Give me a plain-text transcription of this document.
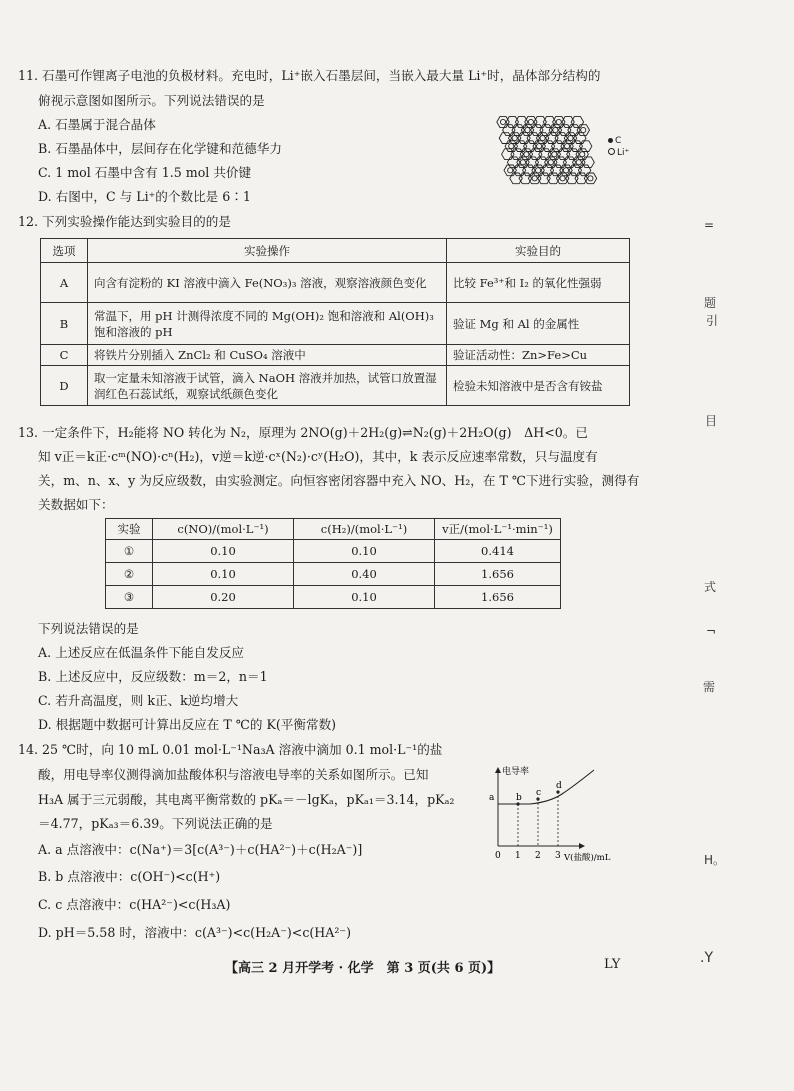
11. 石墨可作锂离子电池的负极材料。充电时，Li⁺嵌入石墨层间，当嵌入最大量 Li⁺时，晶体部分结构的
俯视示意图如图所示。下列说法错误的是
A. 石墨属于混合晶体
B. 石墨晶体中，层间存在化学键和范德华力
C. 1 mol 石墨中含有 1.5 mol 共价键
D. 右图中，C 与 Li⁺的个数比是 6∶1
C
Li⁺
12. 下列实验操作能达到实验目的的是
选项	实验操作	实验目的
A	向含有淀粉的 KI 溶液中滴入 Fe(NO₃)₃ 溶液，观察溶液颜色变化	比较 Fe³⁺和 I₂ 的氧化性强弱
B	常温下，用 pH 计测得浓度不同的 Mg(OH)₂ 饱和溶液和 Al(OH)₃
饱和溶液的 pH	验证 Mg 和 Al 的金属性
C	将铁片分别插入 ZnCl₂ 和 CuSO₄ 溶液中	验证活动性：Zn>Fe>Cu
D	取一定量未知溶液于试管，滴入 NaOH 溶液并加热，试管口放置湿
润红色石蕊试纸，观察试纸颜色变化	检验未知溶液中是否含有铵盐
13. 一定条件下，H₂能将 NO 转化为 N₂，原理为 2NO(g)＋2H₂(g)⇌N₂(g)＋2H₂O(g)　ΔH<0。已
知 v正＝k正·cᵐ(NO)·cⁿ(H₂)，v逆＝k逆·cˣ(N₂)·cʸ(H₂O)，其中，k 表示反应速率常数，只与温度有
关，m、n、x、y 为反应级数，由实验测定。向恒容密闭容器中充入 NO、H₂，在 T ℃下进行实验，测得有
关数据如下：
实验	c(NO)/(mol·L⁻¹)	c(H₂)/(mol·L⁻¹)	v正/(mol·L⁻¹·min⁻¹)
①	0.10	0.10	0.414
②	0.10	0.40	1.656
③	0.20	0.10	1.656
下列说法错误的是
A. 上述反应在低温条件下能自发反应
B. 上述反应中，反应级数：m＝2，n＝1
C. 若升高温度，则 k正、k逆均增大
D. 根据题中数据可计算出反应在 T ℃的 K(平衡常数)
14. 25 ℃时，向 10 mL 0.01 mol·L⁻¹Na₃A 溶液中滴加 0.1 mol·L⁻¹的盐
酸，用电导率仪测得滴加盐酸体积与溶液电导率的关系如图所示。已知
H₃A 属于三元弱酸，其电离平衡常数的 pKₐ＝－lgKₐ，pKₐ₁＝3.14，pKₐ₂
＝4.77，pKₐ₃＝6.39。下列说法正确的是
A. a 点溶液中：c(Na⁺)＝3[c(A³⁻)＋c(HA²⁻)＋c(H₂A⁻)]
B. b 点溶液中：c(OH⁻)<c(H⁺)
C. c 点溶液中：c(HA²⁻)<c(H₃A)
D. pH＝5.58 时，溶液中：c(A³⁻)<c(H₂A⁻)<c(HA²⁻)
a b c
d
0 1 2 3
电导率
V(盐酸)/mL
【高三 2 月开学考 · 化学　第 3 页(共 6 页)】	LY
=
题
引
目
式
¬
需
H。
.Y
